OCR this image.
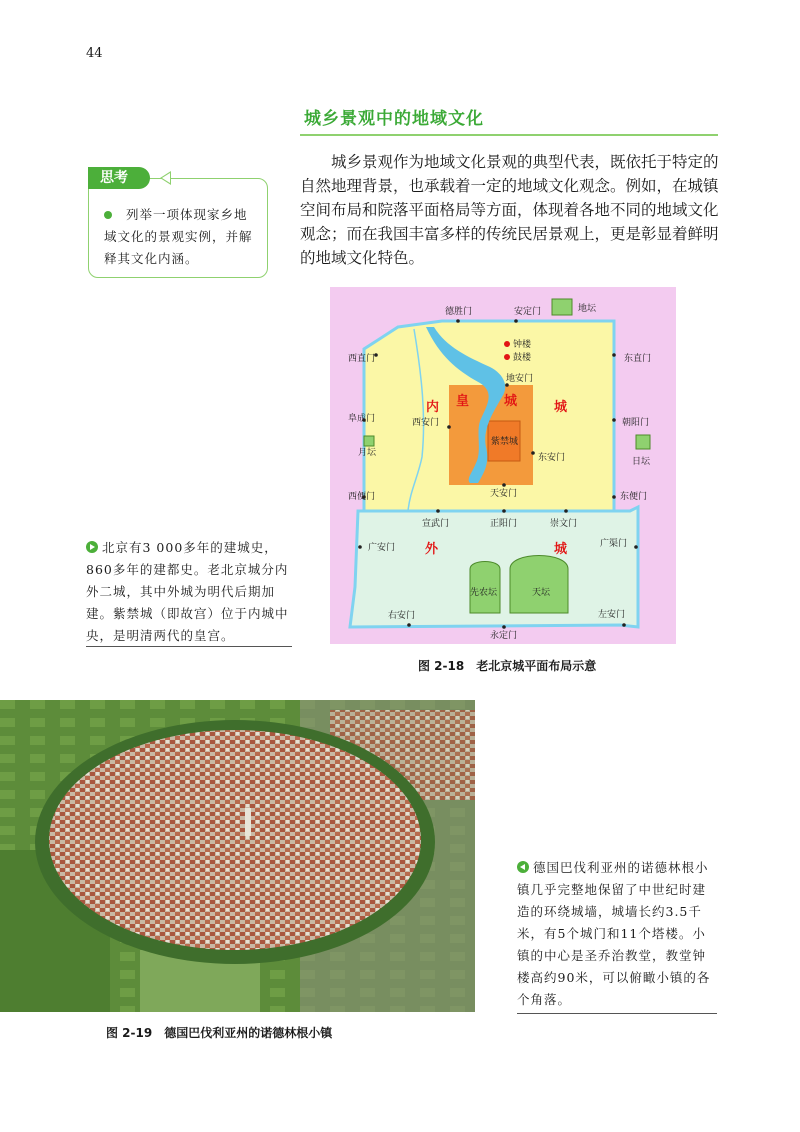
44
城乡景观中的地域文化
思考
列举一项体现家乡地域文化的景观实例，并解释其文化内涵。
城乡景观作为地域文化景观的典型代表，既依托于特定的自然地理背景，也承载着一定的地域文化观念。例如，在城镇空间布局和院落平面格局等方面，体现着各地不同的地域文化观念；而在我国丰富多样的传统民居景观上，更是彰显着鲜明的地域文化特色。
德胜门	安定门
西直门	东直门
阜成门	朝阳门
西便门	东便门
宣武门	正阳门	崇文门
广安门	广渠门
右安门
永定门
左安门
地安门
西安门
东安门
天安门
地坛
月坛
日坛
钟楼
鼓楼
紫禁城
先农坛	天坛
内 皇	城	城
外	城
图 2-18　老北京城平面布局示意
北京有3 000多年的建城史，860多年的建都史。老北京城分内外二城，其中外城为明代后期加建。紫禁城（即故宫）位于内城中央，是明清两代的皇宫。
图 2-19　德国巴伐利亚州的诺德林根小镇
德国巴伐利亚州的诺德林根小镇几乎完整地保留了中世纪时建造的环绕城墙，城墙长约3.5千米，有5个城门和11个塔楼。小镇的中心是圣乔治教堂，教堂钟楼高约90米，可以俯瞰小镇的各个角落。
